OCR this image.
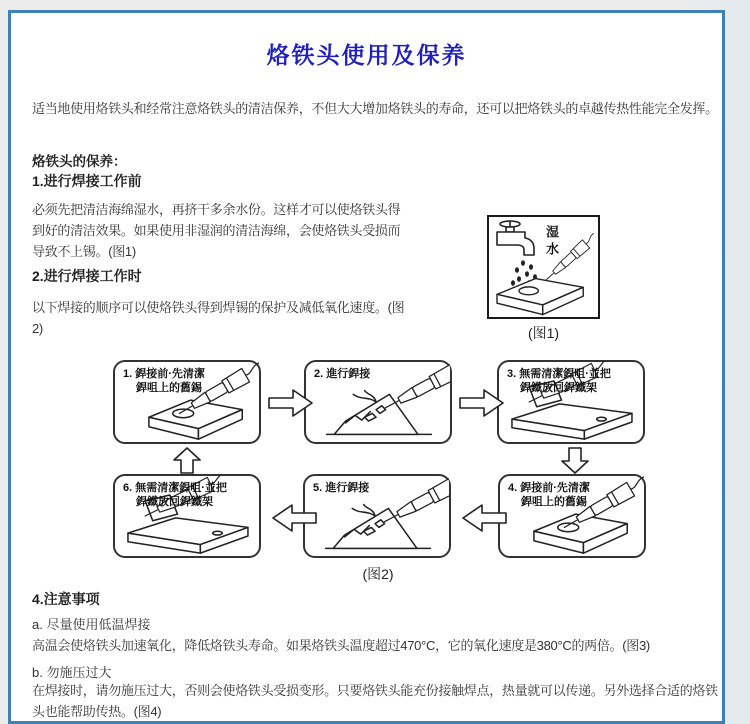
烙铁头使用及保养

适当地使用烙铁头和经常注意烙铁头的清洁保养，不但大大增加烙铁头的寿命，还可以把烙铁头的卓越传热性能完全发挥。

烙铁头的保养：
1.进行焊接工作前

必须先把清洁海绵湿水，再挤干多余水份。这样才可以使烙铁头得到好的清洁效果。如果使用非湿润的清洁海绵，会使烙铁头受损而导致不上锡。(图1)

2.进行焊接工作时

以下焊接的顺序可以使烙铁头得到焊锡的保护及减低氧化速度。(图2)

湿水
(图1)
1. 銲接前·先清潔
銲咀上的舊錫
2. 進行銲接	3. 無需清潔銲咀·並把
銲鐵放回銲鐵架
6. 無需清潔銲咀·並把
銲鐵放回銲鐵架
5. 進行銲接	4. 銲接前·先清潔
銲咀上的舊錫
(图2)
4.注意事项
a. 尽量使用低温焊接

高温会使烙铁头加速氧化，降低烙铁头寿命。如果烙铁头温度超过470°C，它的氧化速度是380°C的两倍。(图3)

b. 勿施压过大

在焊接时，请勿施压过大，否则会使烙铁头受损变形。只要烙铁头能充份接触焊点，热量就可以传递。另外选择合适的烙铁头也能帮助传热。(图4)
